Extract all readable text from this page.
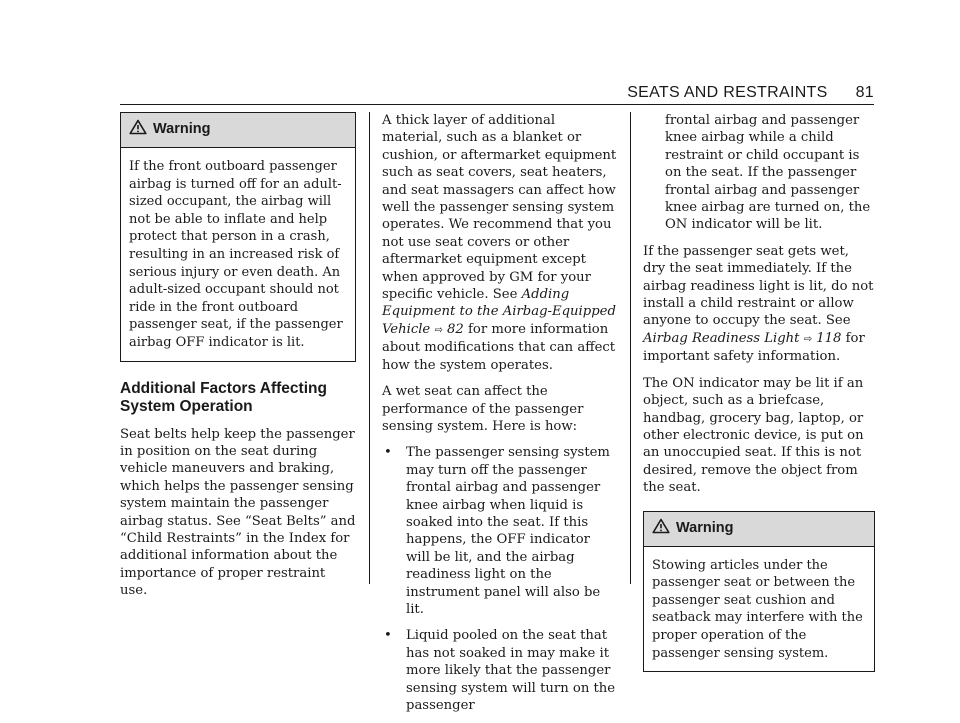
SEATS AND RESTRAINTS 81
Warning
If the front outboard passenger airbag is turned off for an adult-sized occupant, the airbag will not be able to inflate and help protect that person in a crash, resulting in an increased risk of serious injury or even death. An adult-sized occupant should not ride in the front outboard passenger seat, if the passenger airbag OFF indicator is lit.
Additional Factors Affecting System Operation

Seat belts help keep the passenger in position on the seat during vehicle maneuvers and braking, which helps the passenger sensing system maintain the passenger airbag status. See “Seat Belts” and “Child Restraints” in the Index for additional information about the importance of proper restraint use.

A thick layer of additional material, such as a blanket or cushion, or aftermarket equipment such as seat covers, seat heaters, and seat massagers can affect how well the passenger sensing system operates. We recommend that you not use seat covers or other aftermarket equipment except when approved by GM for your specific vehicle. See Adding Equipment to the Airbag-Equipped Vehicle ⇨ 82 for more information about modifications that can affect how the system operates.

A wet seat can affect the performance of the passenger sensing system. Here is how:

•	The passenger sensing system may turn off the passenger frontal airbag and passenger knee airbag when liquid is soaked into the seat. If this happens, the OFF indicator will be lit, and the airbag readiness light on the instrument panel will also be lit.
•	Liquid pooled on the seat that has not soaked in may make it more likely that the passenger sensing system will turn on the passenger

frontal airbag and passenger knee airbag while a child restraint or child occupant is on the seat. If the passenger frontal airbag and passenger knee airbag are turned on, the ON indicator will be lit.

If the passenger seat gets wet, dry the seat immediately. If the airbag readiness light is lit, do not install a child restraint or allow anyone to occupy the seat. See Airbag Readiness Light ⇨ 118 for important safety information.

The ON indicator may be lit if an object, such as a briefcase, handbag, grocery bag, laptop, or other electronic device, is put on an unoccupied seat. If this is not desired, remove the object from the seat.

Warning
Stowing articles under the passenger seat or between the passenger seat cushion and seatback may interfere with the proper operation of the passenger sensing system.
